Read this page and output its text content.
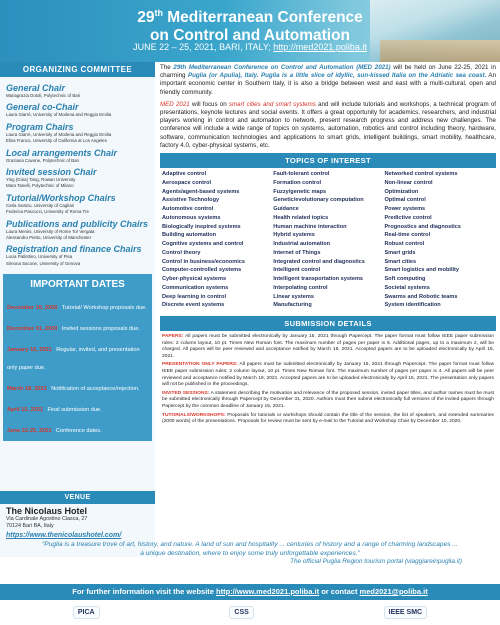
29th Mediterranean Conference
on Control and Automation
JUNE 22 – 25, 2021, BARI, ITALY; http://med2021.poliba.it
ORGANIZING COMMITTEE
General Chair
Mariagrazia Dotoli, Polytechnic of Bari
General co-Chair
Laura Giarré, University of Modena and Reggio Emilia
Program Chairs
Laura Giarré, University of Modena and Reggio Emilia
Elisa Franco, University of California at Los Angeles
Local arrangements Chair
Graziana Cavone, Polytechnic of Bari
Invited session Chair
Ying (Gina) Tang, Rowan University
Mara Tanelli, Polytechnic of Milano
Tutorial/Workshop Chairs
Carla Seatzu, University of Cagliari
Federica Pascucci, University of Roma Tre
Publications and publicity Chairs
Laura Menini, University of Rome Tor Vergata
Alessandro Pietto, University of Manchester
Registration and finance Chairs
Lucia Pallottino, University of Pisa
Simona Sacone, University of Genova
IMPORTANT DATES
December 10, 2020 Tutorial/ Workshop proposals due.
December 31, 2020 Invited sessions proposals due.
January 15, 2021 Regular, invited, and presentation only paper due.
March 18, 2021 Notification of acceptance/rejection.
April 15, 2021 Final submission due.
June 22-25, 2021 Conference dates.

The 29th Mediterranean Conference on Control and Automation (MED 2021) will be held on June 22-25, 2021 in charming Puglia (or Apulia), Italy. Puglia is a little slice of idyllic, sun-kissed Italia on the Adriatic sea coast. An important economic center in Southern Italy, it is also a bridge between west and east with a multi-cultural, open and friendly community.

MED 2021 will focus on smart cities and smart systems and will include tutorials and workshops, a technical program of presentations, keynote lectures and social events. It offers a great opportunity for academics, researchers, and industrial players working in control and automation to network, present research progress and address new challenges. The conference will include a wide range of topics on systems, automation, robotics and control including theory, hardware, software, communication technologies and applications to smart grids, intelligent buildings, smart mobility, healthcare, factory 4.0, cyber-physical systems, etc.

TOPICS OF INTEREST
Adaptive control
Aerospace control
Agents/agent-based systems
Assistive Technology
Automotive control
Autonomous systems
Biologically inspired systems
Building automation
Cognitive systems and control
Control theory
Control in business/economics
Computer-controlled systems
Cyber-physical systems
Communication systems
Deep learning in control
Discrete event systems
Fault-tolerant control
Formation control
Fuzzy/genetic maps
Genetic/evolutionary computation
Guidance
Health related topics
Human machine interaction
Hybrid systems
Industrial automation
Internet of Things
Integrated control and diagnostics
Intelligent control
Intelligent transportation systems
Interpolating control
Linear systems
Manufacturing
Networked control systems
Non-linear control
Optimization
Optimal control
Power systems
Predictive control
Prognostics and diagnostics
Real-time control
Robust control
Smart grids
Smart cities
Smart logistics and mobility
Soft computing
Societal systems
Swarms and Robotic teams
System identification
SUBMISSION DETAILS

PAPERS: All papers must be submitted electronically by January 15, 2021 through Papercept. The paper format must follow IEEE paper submission rules: 2 column layout, 10 pt. Times New Roman font. The maximum number of pages per paper is 6. Additional pages, up to a maximum 2, will be charged. All papers will be peer reviewed and acceptance notified by March 18, 2021. Accepted papers are to be uploaded electronically by April 15, 2021.

PRESENTATION ONLY PAPERS: All papers must be submitted electronically by January 15, 2021 through Papercept. The paper format must follow IEEE paper submission rules: 2 column layout, 10 pt. Times New Roman font. The maximum number of pages per paper is 4. All papers will be peer reviewed and acceptance notified by March 18, 2021. Accepted papers are to be uploaded electronically by April 15, 2021. The presentation only papers will not be published in the proceedings.

INVITED SESSIONS: A statement describing the motivation and relevance of the proposed session, invited paper titles, and author names must be must be submitted electronically through Papercept by December 31, 2020. Authors must then submit electronically full versions of the invited papers through Papercept by the common deadline of January 15, 2021.

TUTORIALS/WORKSHOPS: Proposals for tutorials or workshops should contain the title of the session, the list of speakers, and extended summaries (2000 words) of the presentations. Proposals for review must be sent by e-mail to the Tutorial and Workshop Chair by December 10, 2020.

VENUE
The Nicolaus Hotel
Via Cardinale Agostino Ciasca, 27
70124 Bari BA, Italy
https://www.thenicolaushotel.com/
“Puglia is a treasure trove of art, history, and nature. A land of sun and hospitality ... centuries of history and a range of charming landscapes ... a unique destination, where to enjoy some truly unforgettable experiences.”
The official Puglia Region tourism portal (viaggiareinpuglia.it)
For further information visit the website http://www.med2021.poliba.it or contact med2021@poliba.it
PICA	CSS	IEEE SMC
